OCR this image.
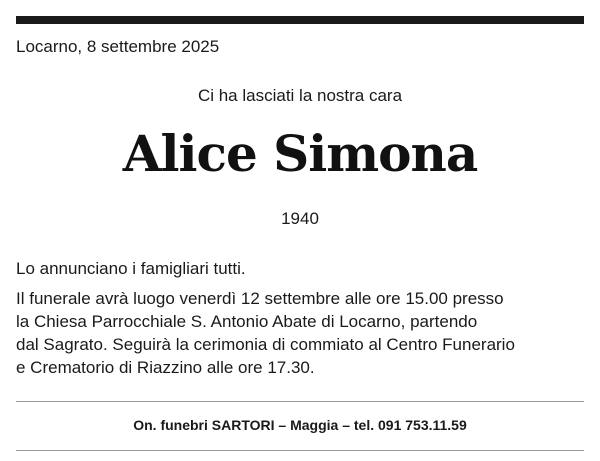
Locarno, 8 settembre 2025
Ci ha lasciati la nostra cara
Alice Simona
1940
Lo annunciano i famigliari tutti.
Il funerale avrà luogo venerdì 12 settembre alle ore 15.00 presso
la Chiesa Parrocchiale S. Antonio Abate di Locarno, partendo
dal Sagrato. Seguirà la cerimonia di commiato al Centro Funerario
e Crematorio di Riazzino alle ore 17.30.
On. funebri SARTORI – Maggia – tel. 091 753.11.59
